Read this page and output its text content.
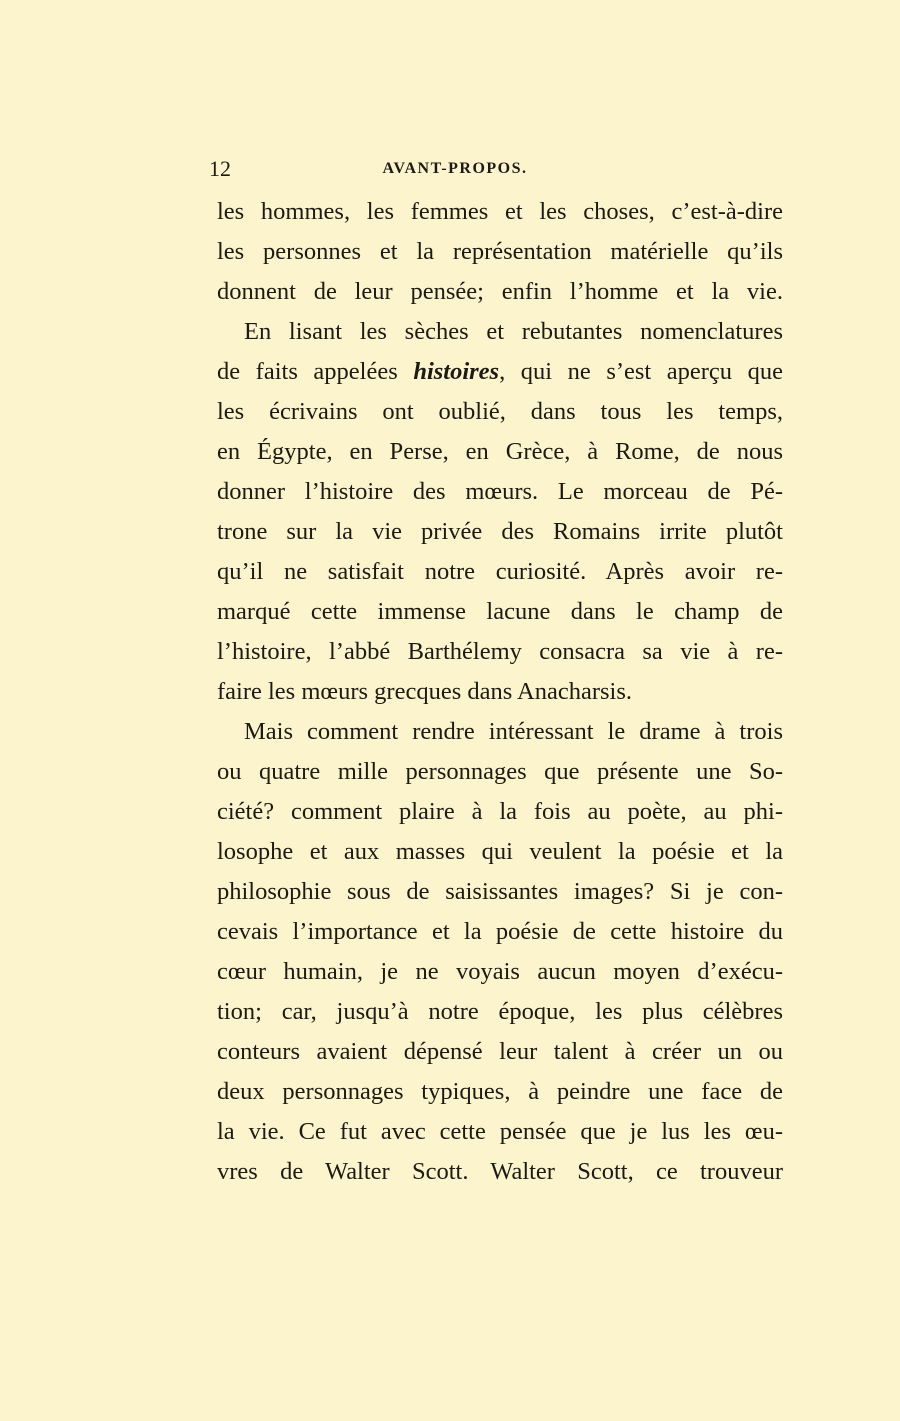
12	AVANT-PROPOS.
les hommes, les femmes et les choses, c’est-à-dire
les personnes et la représentation matérielle qu’ils
donnent de leur pensée; enfin l’homme et la vie.
En lisant les sèches et rebutantes nomenclatures
de faits appelées histoires, qui ne s’est aperçu que
les écrivains ont oublié, dans tous les temps,
en Égypte, en Perse, en Grèce, à Rome, de nous
donner l’histoire des mœurs. Le morceau de Pé-
trone sur la vie privée des Romains irrite plutôt
qu’il ne satisfait notre curiosité. Après avoir re-
marqué cette immense lacune dans le champ de
l’histoire, l’abbé Barthélemy consacra sa vie à re-
faire les mœurs grecques dans Anacharsis.
Mais comment rendre intéressant le drame à trois
ou quatre mille personnages que présente une So-
ciété? comment plaire à la fois au poète, au phi-
losophe et aux masses qui veulent la poésie et la
philosophie sous de saisissantes images? Si je con-
cevais l’importance et la poésie de cette histoire du
cœur humain, je ne voyais aucun moyen d’exécu-
tion; car, jusqu’à notre époque, les plus célèbres
conteurs avaient dépensé leur talent à créer un ou
deux personnages typiques, à peindre une face de
la vie. Ce fut avec cette pensée que je lus les œu-
vres de Walter Scott. Walter Scott, ce trouveur
